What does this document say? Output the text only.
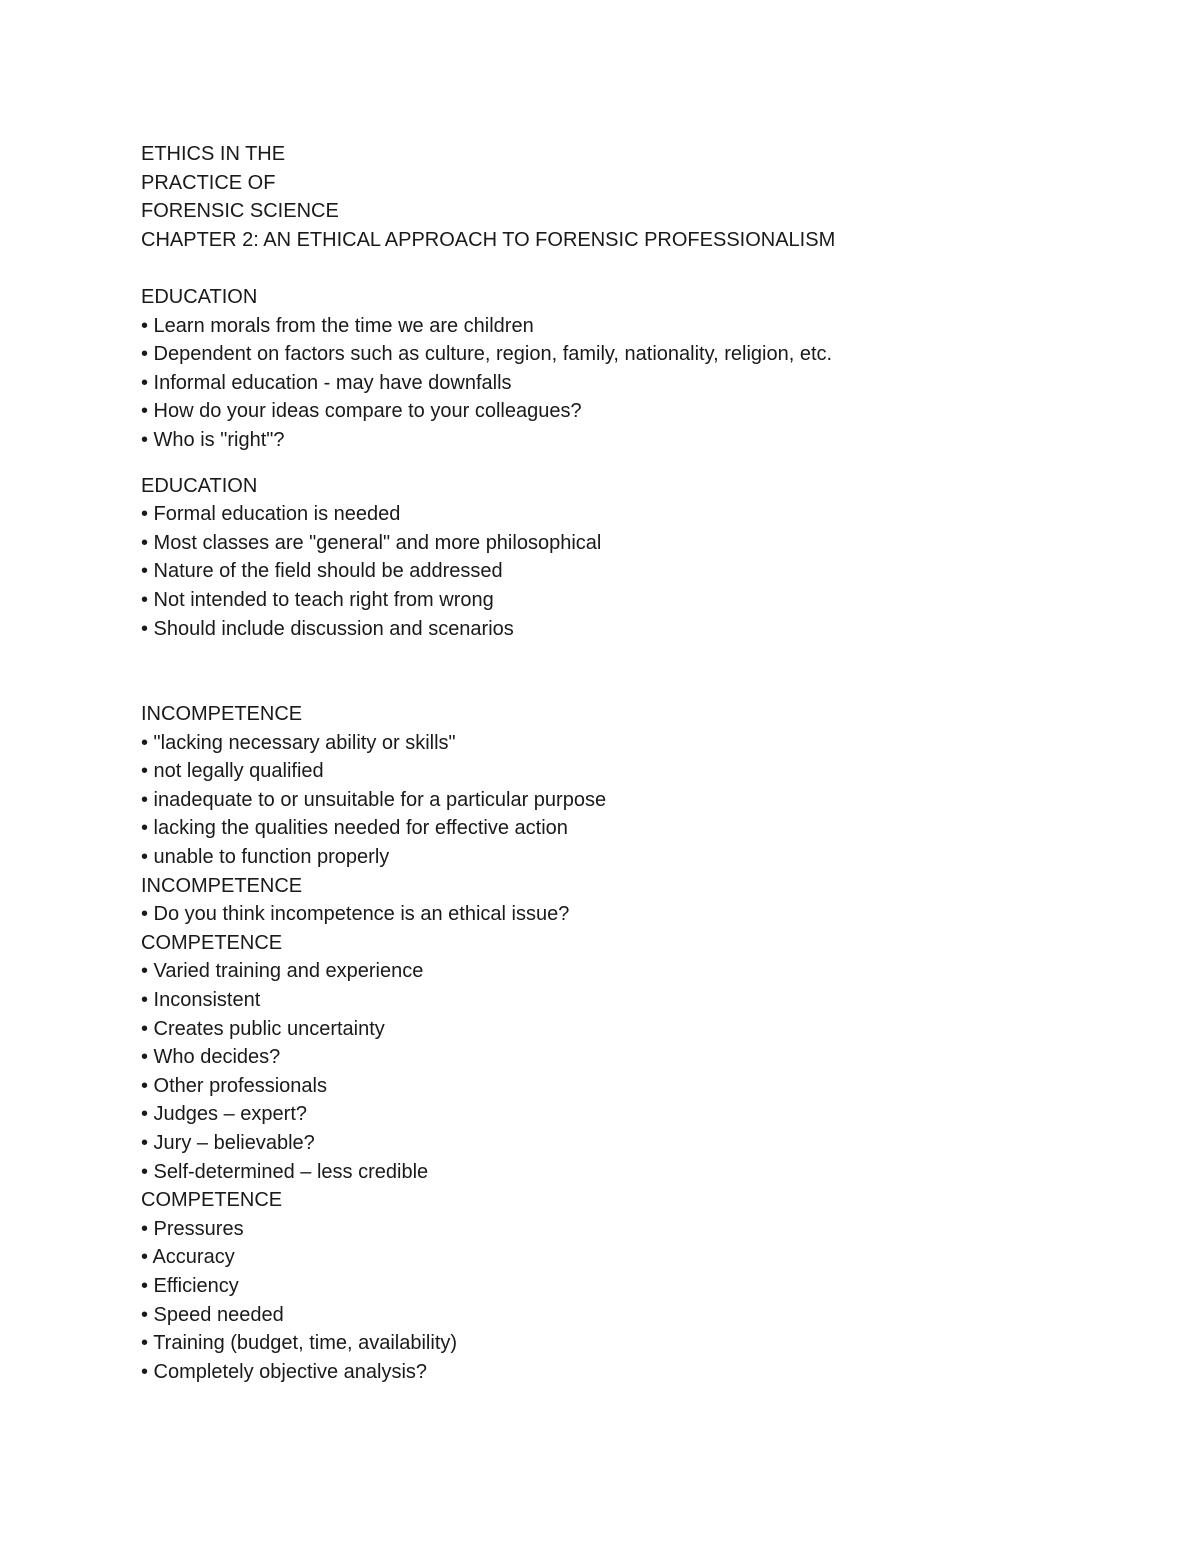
ETHICS IN THE
PRACTICE OF
FORENSIC SCIENCE
CHAPTER 2: AN ETHICAL APPROACH TO FORENSIC PROFESSIONALISM
EDUCATION
• Learn morals from the time we are children
• Dependent on factors such as culture, region, family, nationality, religion, etc.
• Informal education - may have downfalls
• How do your ideas compare to your colleagues?
• Who is "right"?
EDUCATION
• Formal education is needed
• Most classes are "general" and more philosophical
• Nature of the field should be addressed
• Not intended to teach right from wrong
• Should include discussion and scenarios
INCOMPETENCE
• "lacking necessary ability or skills"
• not legally qualified
• inadequate to or unsuitable for a particular purpose
• lacking the qualities needed for effective action
• unable to function properly
INCOMPETENCE
• Do you think incompetence is an ethical issue?
COMPETENCE
• Varied training and experience
• Inconsistent
• Creates public uncertainty
• Who decides?
• Other professionals
• Judges – expert?
• Jury – believable?
• Self-determined – less credible
COMPETENCE
• Pressures
• Accuracy
• Efficiency
• Speed needed
• Training (budget, time, availability)
• Completely objective analysis?
